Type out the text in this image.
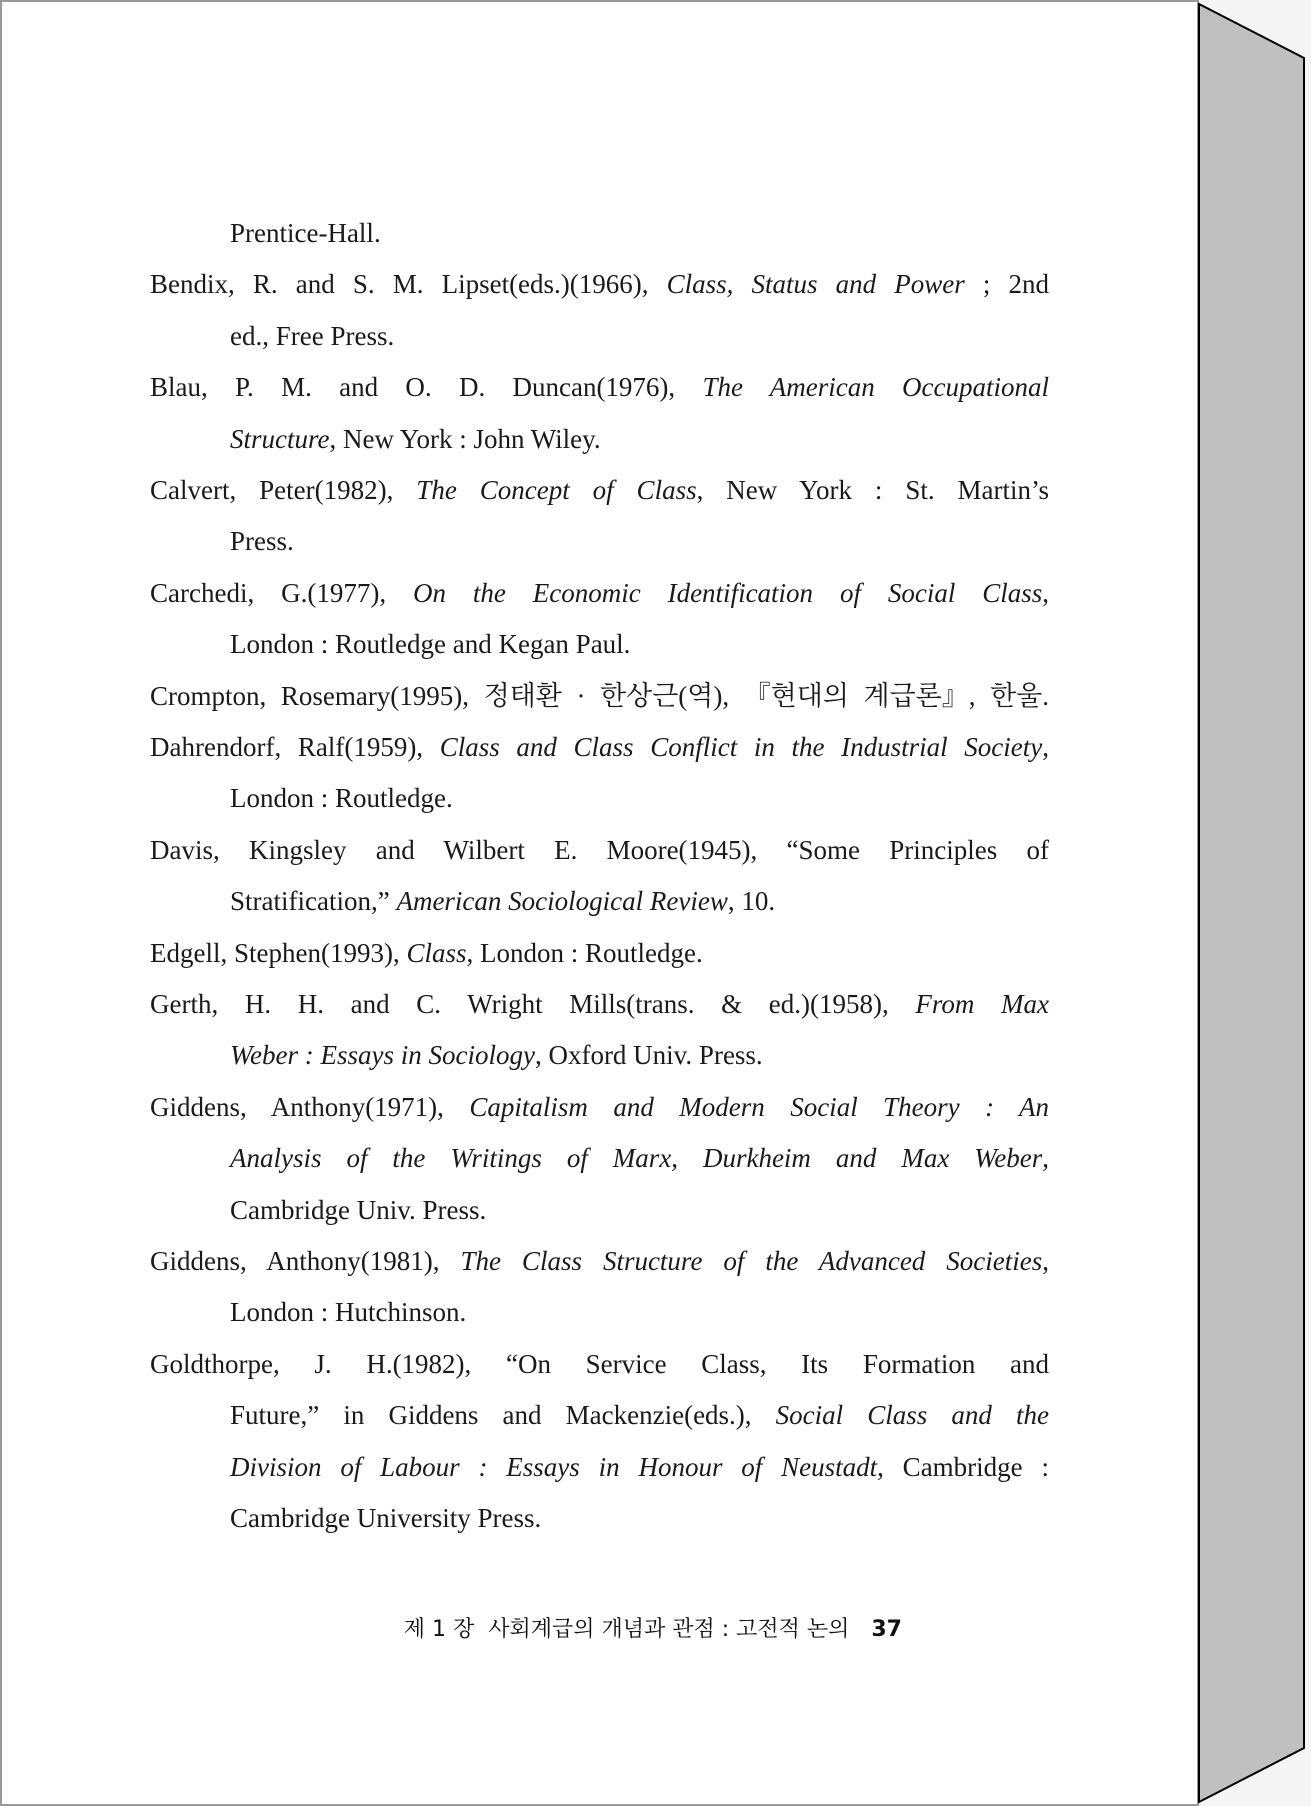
Prentice-Hall.
Bendix, R. and S. M. Lipset(eds.)(1966), Class, Status and Power ; 2nd
ed., Free Press.
Blau, P. M. and O. D. Duncan(1976), The American Occupational
Structure, New York : John Wiley.
Calvert, Peter(1982), The Concept of Class, New York : St. Martin’s
Press.
Carchedi, G.(1977), On the Economic Identification of Social Class,
London : Routledge and Kegan Paul.
Crompton, Rosemary(1995), 정태환 · 한상근(역), 『현대의 계급론』, 한울.
Dahrendorf, Ralf(1959), Class and Class Conflict in the Industrial Society,
London : Routledge.
Davis, Kingsley and Wilbert E. Moore(1945), “Some Principles of
Stratification,” American Sociological Review, 10.
Edgell, Stephen(1993), Class, London : Routledge.
Gerth, H. H. and C. Wright Mills(trans. & ed.)(1958), From Max
Weber : Essays in Sociology, Oxford Univ. Press.
Giddens, Anthony(1971), Capitalism and Modern Social Theory : An
Analysis of the Writings of Marx, Durkheim and Max Weber,
Cambridge Univ. Press.
Giddens, Anthony(1981), The Class Structure of the Advanced Societies,
London : Hutchinson.
Goldthorpe, J. H.(1982), “On Service Class, Its Formation and
Future,” in Giddens and Mackenzie(eds.), Social Class and the
Division of Labour : Essays in Honour of Neustadt, Cambridge :
Cambridge University Press.
제 1 장  사회계급의 개념과 관점 : 고전적 논의 37
